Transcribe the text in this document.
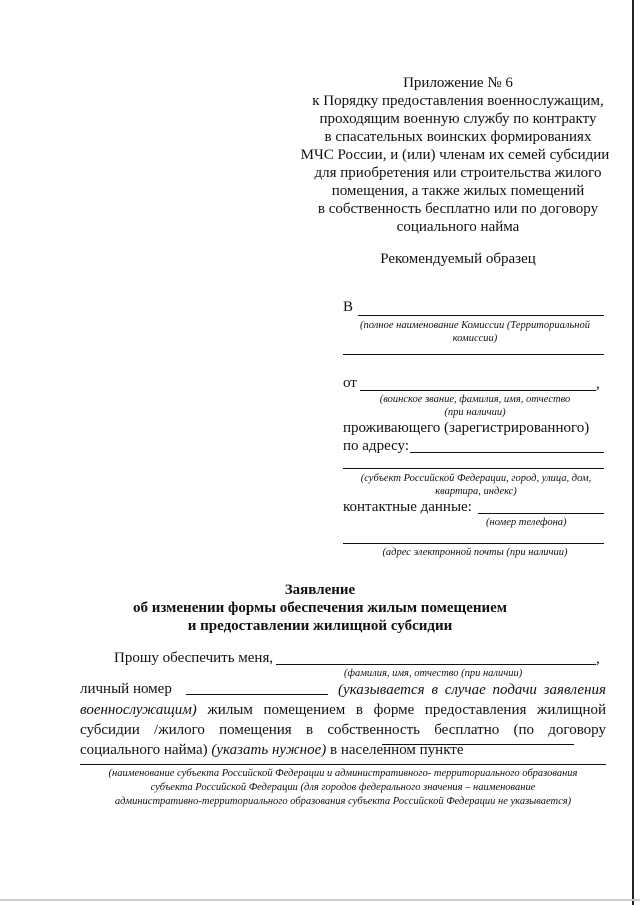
Приложение № 6
к Порядку предоставления военнослужащим,
проходящим военную службу по контракту
в спасательных воинских формированиях
МЧС России, и (или) членам их семей субсидии
для приобретения или строительства жилого
помещения, а также жилых помещений
в собственность бесплатно или по договору
социального найма
Рекомендуемый образец
В
(полное наименование Комиссии (Территориальной
комиссии)
от	,
(воинское звание, фамилия, имя, отчество
(при наличии)
проживающего (зарегистрированного)
по адресу:
(субъект Российской Федерации, город, улица, дом,
квартира, индекс)
контактные данные:
(номер телефона)
(адрес электронной почты (при наличии)
Заявление
об изменении формы обеспечения жилым помещением
и предоставлении жилищной субсидии
Прошу обеспечить меня,	,
(фамилия, имя, отчество (при наличии)
личный номер	(указывается в случае подачи заявления военнослужащим) жилым помещением в форме предоставления жилищной субсидии /жилого помещения в собственность бесплатно (по договору социального найма) (указать нужное) в населенном пункте
(наименование субъекта Российской Федерации и административного- территориального образования
субъекта Российской Федерации (для городов федерального значения – наименование
административно-территориального образования субъекта Российской Федерации не указывается)
